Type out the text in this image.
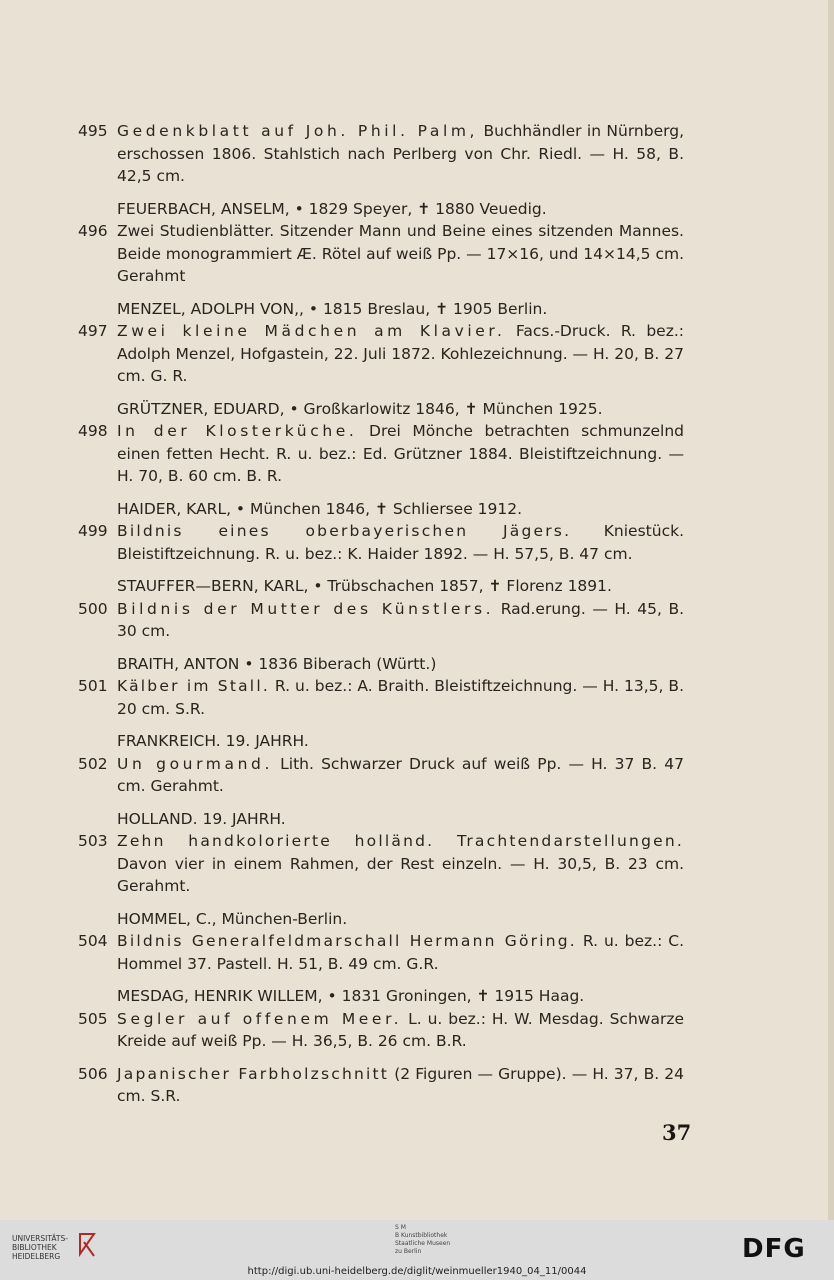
495 Gedenkblatt auf Joh. Phil. Palm, Buchhändler in Nürnberg, erschossen 1806. Stahlstich nach Perlberg von Chr. Riedl. — H. 58, B. 42,5 cm.
FEUERBACH, ANSELM, • 1829 Speyer, ✝ 1880 Veuedig.
496 Zwei Studienblätter. Sitzender Mann und Beine eines sitzenden Mannes. Beide monogrammiert Æ. Rötel auf weiß Pp. — 17×16, und 14×14,5 cm. Gerahmt
MENZEL, ADOLPH VON,, • 1815 Breslau, ✝ 1905 Berlin.
497 Zwei kleine Mädchen am Klavier. Facs.-Druck. R. bez.: Adolph Menzel, Hofgastein, 22. Juli 1872. Kohlezeichnung. — H. 20, B. 27 cm. G. R.
GRÜTZNER, EDUARD, • Großkarlowitz 1846, ✝ München 1925.
498 In der Klosterküche. Drei Mönche betrachten schmunzelnd einen fetten Hecht. R. u. bez.: Ed. Grützner 1884. Bleistiftzeichnung. — H. 70, B. 60 cm. B. R.
HAIDER, KARL, • München 1846, ✝ Schliersee 1912.
499 Bildnis eines oberbayerischen Jägers. Kniestück. Bleistiftzeichnung. R. u. bez.: K. Haider 1892. — H. 57,5, B. 47 cm.
STAUFFER—BERN, KARL, • Trübschachen 1857, ✝ Florenz 1891.
500 Bildnis der Mutter des Künstlers. Rad.erung. — H. 45, B. 30 cm.
BRAITH, ANTON • 1836 Biberach (Württ.)
501 Kälber im Stall. R. u. bez.: A. Braith. Bleistiftzeichnung. — H. 13,5, B. 20 cm. S.R.
FRANKREICH. 19. JAHRH.
502 Un gourmand. Lith. Schwarzer Druck auf weiß Pp. — H. 37 B. 47 cm. Gerahmt.
HOLLAND. 19. JAHRH.
503 Zehn handkolorierte holländ. Trachtendarstellungen. Davon vier in einem Rahmen, der Rest einzeln. — H. 30,5, B. 23 cm. Gerahmt.
HOMMEL, C., München-Berlin.
504 Bildnis Generalfeldmarschall Hermann Göring. R. u. bez.: C. Hommel 37. Pastell. H. 51, B. 49 cm. G.R.
MESDAG, HENRIK WILLEM, • 1831 Groningen, ✝ 1915 Haag.
505 Segler auf offenem Meer. L. u. bez.: H. W. Mesdag. Schwarze Kreide auf weiß Pp. — H. 36,5, B. 26 cm. B.R.
506 Japanischer Farbholzschnitt (2 Figuren — Gruppe). — H. 37, B. 24 cm. S.R.
37
UNIVERSITÄTS-
BIBLIOTHEK
HEIDELBERG
S M
B Kunstbibliothek
Staatliche Museen
zu Berlin	DFG
http://digi.ub.uni-heidelberg.de/diglit/weinmueller1940_04_11/0044
